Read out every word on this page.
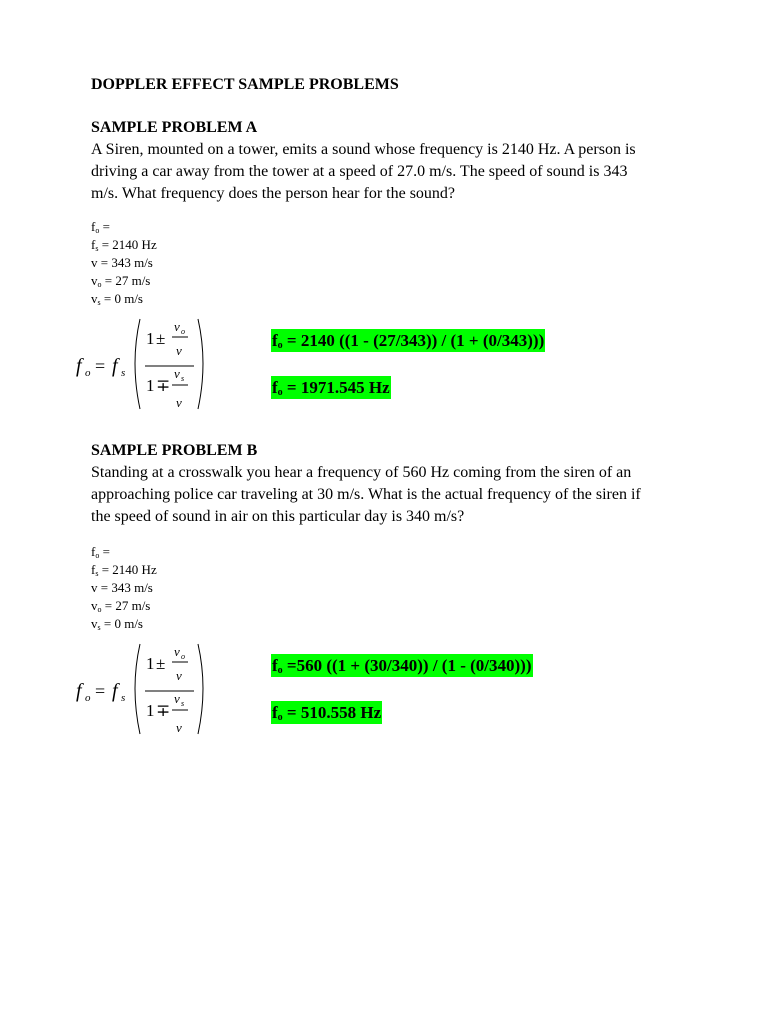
DOPPLER EFFECT SAMPLE PROBLEMS
SAMPLE PROBLEM A
A Siren, mounted on a tower, emits a sound whose frequency is 2140 Hz. A person is
driving a car away from the tower at a speed of 27.0 m/s. The speed of sound is 343
m/s. What frequency does the person hear for the sound?
$f_o$ =
$f_s = 2140$ Hz
v = 343 m/s
$v_o = 27$ m/s
$v_s = 0$ m/s
f o = f s
1 ±
v o
v
1 ∓
v s
v
$f_o = 2140$ ((1 - (27/343)) / (1 + (0/343)))
$f_o = 1971.545$ Hz
SAMPLE PROBLEM B
Standing at a crosswalk you hear a frequency of 560 Hz coming from the siren of an
approaching police car traveling at 30 m/s. What is the actual frequency of the siren if
the speed of sound in air on this particular day is 340 m/s?
$f_o$ =
$f_s = 2140$ Hz
v = 343 m/s
$v_o = 27$ m/s
$v_s = 0$ m/s
f o = f s
1 ±
v o
v
1 ∓
v s
v
$f_o =560$ ((1 + (30/340)) / (1 - (0/340)))
$f_o = 510.558$ Hz
